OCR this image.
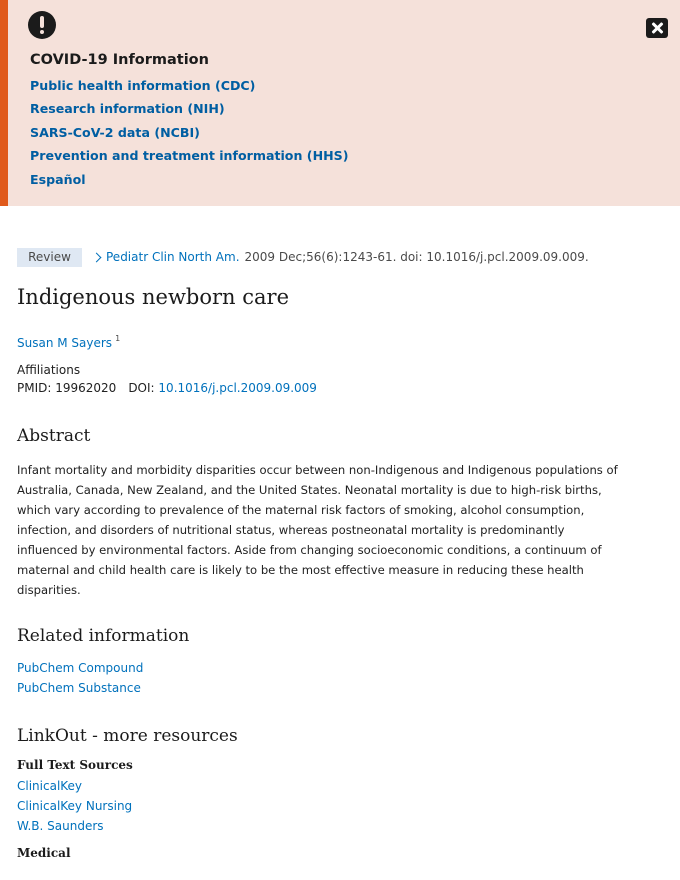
COVID-19 Information
Public health information (CDC)
Research information (NIH)
SARS-CoV-2 data (NCBI)
Prevention and treatment information (HHS)
Español
Review	Pediatr Clin North Am. 2009 Dec;56(6):1243-61. doi: 10.1016/j.pcl.2009.09.009.
Indigenous newborn care
Susan M Sayers $^1$
Affiliations
PMID: 19962020 DOI: 10.1016/j.pcl.2009.09.009
Abstract

Infant mortality and morbidity disparities occur between non-Indigenous and Indigenous populations of Australia, Canada, New Zealand, and the United States. Neonatal mortality is due to high-risk births, which vary according to prevalence of the maternal risk factors of smoking, alcohol consumption, infection, and disorders of nutritional status, whereas postneonatal mortality is predominantly influenced by environmental factors. Aside from changing socioeconomic conditions, a continuum of maternal and child health care is likely to be the most effective measure in reducing these health disparities.

Related information
PubChem Compound
PubChem Substance
LinkOut - more resources
Full Text Sources
ClinicalKey
ClinicalKey Nursing
W.B. Saunders
Medical
